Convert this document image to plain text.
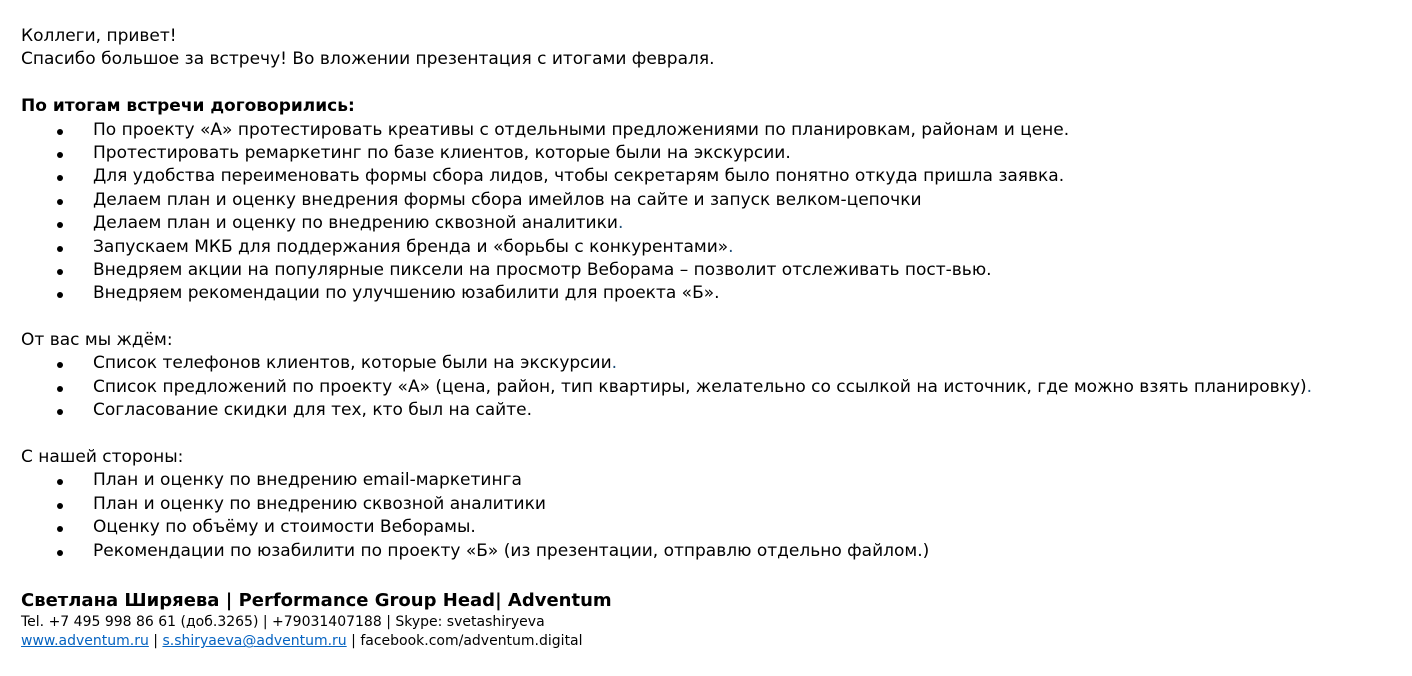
Коллеги, привет!
Спасибо большое за встречу! Во вложении презентация с итогами февраля.
По итогам встречи договорились:
По проекту «А» протестировать креативы с отдельными предложениями по планировкам, районам и цене.
Протестировать ремаркетинг по базе клиентов, которые были на экскурсии.
Для удобства переименовать формы сбора лидов, чтобы секретарям было понятно откуда пришла заявка.
Делаем план и оценку внедрения формы сбора имейлов на сайте и запуск велком-цепочки
Делаем план и оценку по внедрению сквозной аналитики.
Запускаем МКБ для поддержания бренда и «борьбы с конкурентами».
Внедряем акции на популярные пиксели на просмотр Веборама – позволит отслеживать пост-вью.
Внедряем рекомендации по улучшению юзабилити для проекта «Б».
От вас мы ждём:
Список телефонов клиентов, которые были на экскурсии.
Список предложений по проекту «А» (цена, район, тип квартиры, желательно со ссылкой на источник, где можно взять планировку).
Согласование скидки для тех, кто был на сайте.
С нашей стороны:
План и оценку по внедрению email-маркетинга
План и оценку по внедрению сквозной аналитики
Оценку по объёму и стоимости Веборамы.
Рекомендации по юзабилити по проекту «Б» (из презентации, отправлю отдельно файлом.)
Светлана Ширяева | Performance Group Head| Adventum
Tel. +7 495 998 86 61 (доб.3265) | +79031407188 | Skype: svetashiryeva
www.adventum.ru | s.shiryaeva@adventum.ru | facebook.com/adventum.digital
